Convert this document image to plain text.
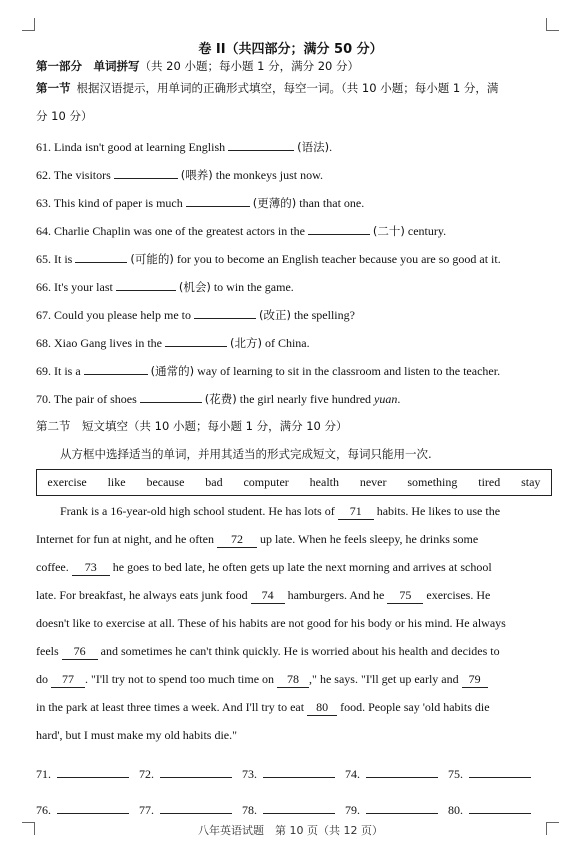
卷 II（共四部分；满分 50 分）
第一部分　单词拼写（共 20 小题；每小题 1 分，满分 20 分）
第一节 根据汉语提示，用单词的正确形式填空，每空一词。（共 10 小题；每小题 1 分，满
分 10 分）
61. Linda isn't good at learning English	(语法).
62. The visitors	(喂养) the monkeys just now.
63. This kind of paper is much	(更薄的) than that one.
64. Charlie Chaplin was one of the greatest actors in the	(二十) century.
65. It is	(可能的) for you to become an English teacher because you are so good at it.
66. It's your last	(机会) to win the game.
67. Could you please help me to	(改正) the spelling?
68. Xiao Gang lives in the	(北方) of China.
69. It is a	(通常的) way of learning to sit in the classroom and listen to the teacher.
70. The pair of shoes	(花费) the girl nearly five hundred yuan.
第二节　短文填空（共 10 小题；每小题 1 分，满分 10 分）
从方框中选择适当的单词，并用其适当的形式完成短文，每词只能用一次.
exercise like because bad computer health never something tired stay
Frank is a 16-year-old high school student. He has lots of 71 habits. He likes to use the
Internet for fun at night, and he often 72 up late. When he feels sleepy, he drinks some
coffee. 73 he goes to bed late, he often gets up late the next morning and arrives at school
late. For breakfast, he always eats junk food 74 hamburgers. And he 75 exercises. He
doesn't like to exercise at all. These of his habits are not good for his body or his mind. He always
feels 76 and sometimes he can't think quickly. He is worried about his health and decides to
do 77 . "I'll try not to spend too much time on 78 ," he says. "I'll get up early and 79
in the park at least three times a week. And I'll try to eat 80 food. People say 'old habits die
hard', but I must make my old habits die."
71.	72.	73.	74.	75.
76.	77.	78.	79.	80.
八年英语试题　第 10 页（共 12 页）
